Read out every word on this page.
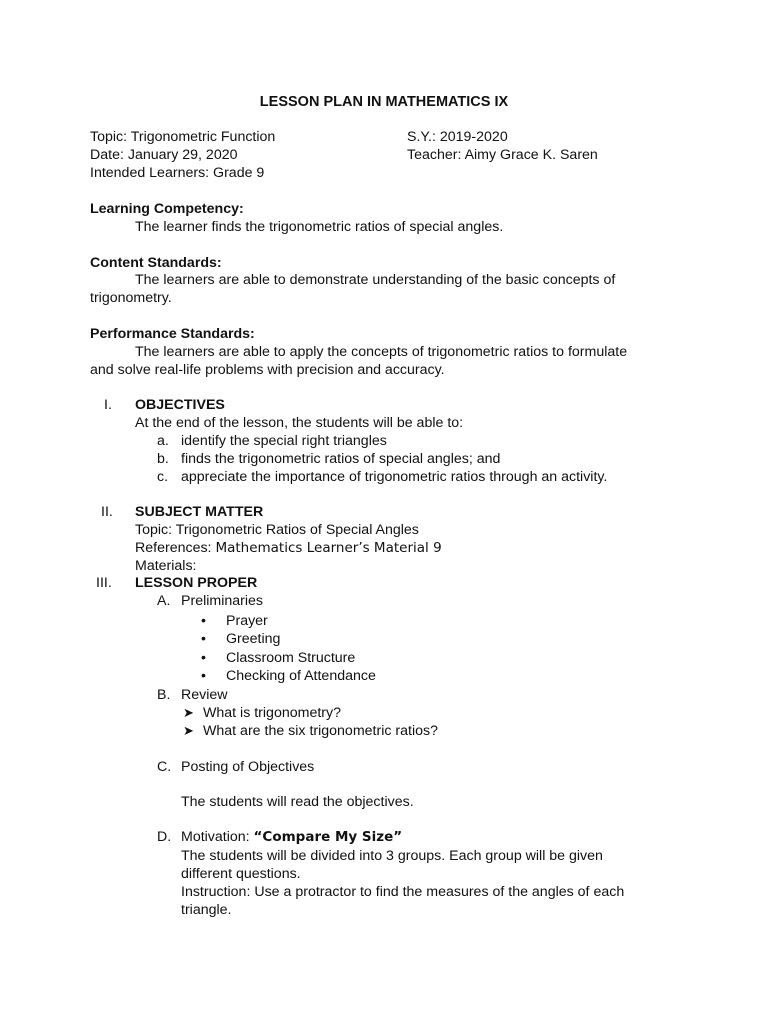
LESSON PLAN IN MATHEMATICS IX
Topic: Trigonometric Function
Date: January 29, 2020
Intended Learners: Grade 9
S.Y.: 2019-2020
Teacher: Aimy Grace K. Saren
Learning Competency:
The learner finds the trigonometric ratios of special angles.
Content Standards:
The learners are able to demonstrate understanding of the basic concepts of
trigonometry.
Performance Standards:
The learners are able to apply the concepts of trigonometric ratios to formulate
and solve real-life problems with precision and accuracy.
I. OBJECTIVES
At the end of the lesson, the students will be able to:
a. identify the special right triangles
b. finds the trigonometric ratios of special angles; and
c. appreciate the importance of trigonometric ratios through an activity.
II. SUBJECT MATTER
Topic: Trigonometric Ratios of Special Angles
References: Mathematics Learner’s Material 9
Materials:
III. LESSON PROPER
A. Preliminaries
• Prayer
• Greeting
• Classroom Structure
• Checking of Attendance
B. Review
➤ What is trigonometry?
➤ What are the six trigonometric ratios?
C. Posting of Objectives
The students will read the objectives.
D. Motivation: “Compare My Size”
The students will be divided into 3 groups. Each group will be given
different questions.
Instruction: Use a protractor to find the measures of the angles of each
triangle.
